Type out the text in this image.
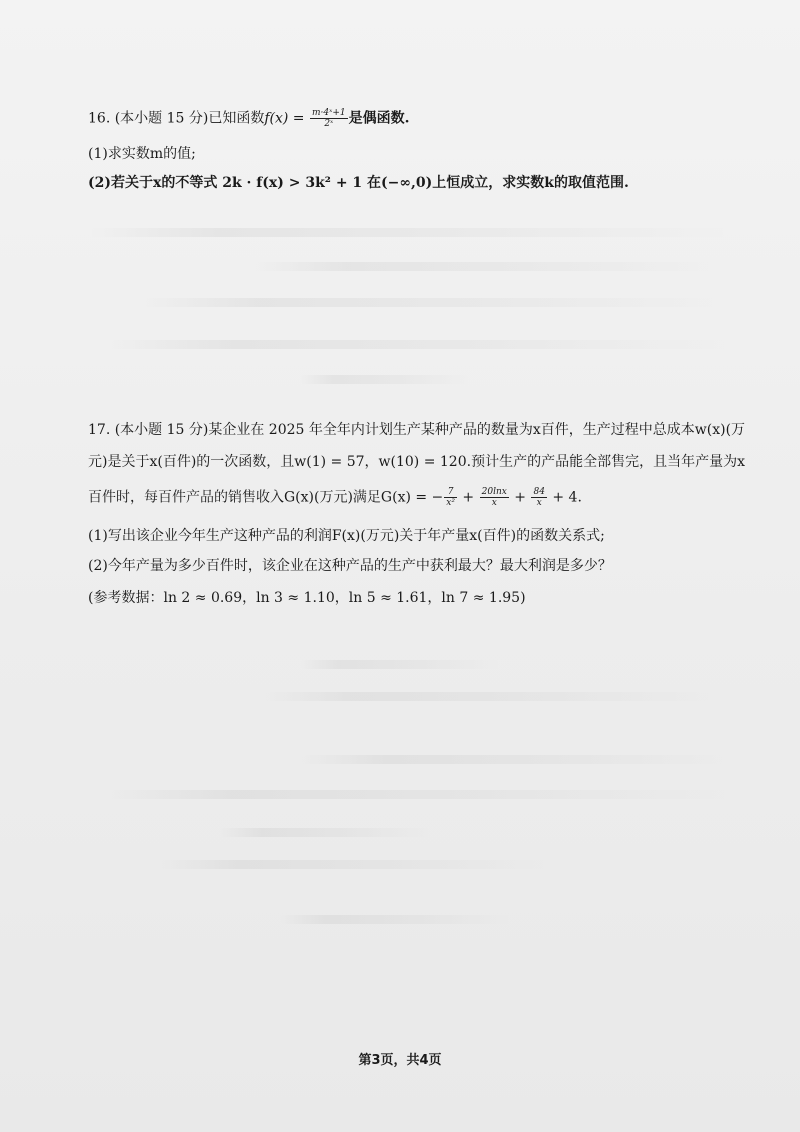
16. (本小题 15 分)已知函数$f(x) = \frac{\text{m·4ˣ+1}}{\text{2ˣ}}$ 是偶函数.
(1)求实数m的值;
(2)若关于x的不等式 2k · f(x) > 3k² + 1 在(−∞,0)上恒成立，求实数k的取值范围.
17. (本小题 15 分)某企业在 2025 年全年内计划生产某种产品的数量为x百件，生产过程中总成本w(x)(万
元)是关于x(百件)的一次函数，且w(1) = 57，w(10) = 120.预计生产的产品能全部售完，且当年产量为x
百件时，每百件产品的销售收入G(x)(万元)满足G(x) = − $\frac{7}{\text{x²}} + \frac{20\ln x}{x} + \frac{84}{x} + 4$.
(1)写出该企业今年生产这种产品的利润F(x)(万元)关于年产量x(百件)的函数关系式;
(2)今年产量为多少百件时，该企业在这种产品的生产中获利最大？最大利润是多少？
(参考数据：ln 2 ≈ 0.69，ln 3 ≈ 1.10，ln 5 ≈ 1.61，ln 7 ≈ 1.95)
第3页，共4页
